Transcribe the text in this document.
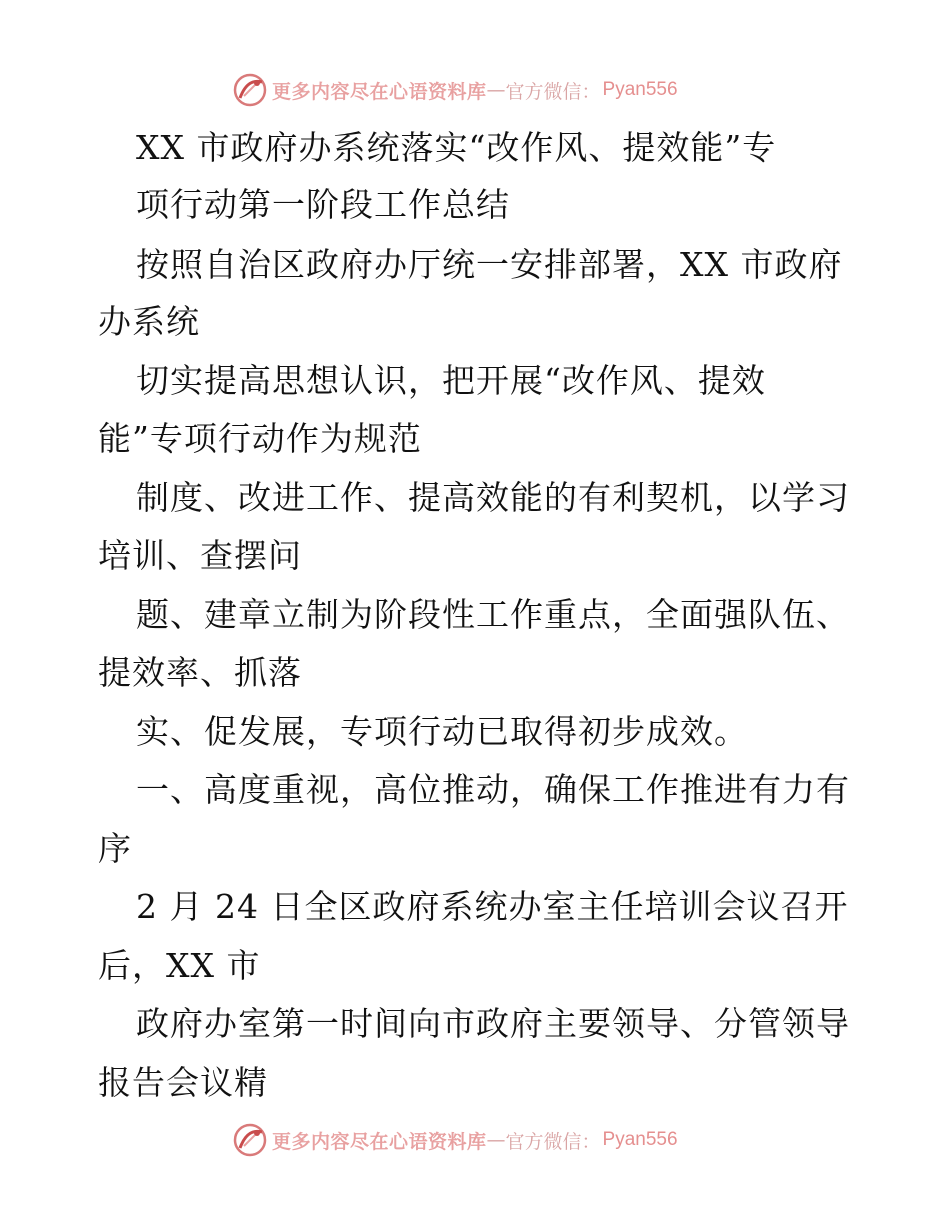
更多内容尽在心语资料库 — 官方微信： Pyan556
XX 市政府办系统落实“改作风、提效能”专
项行动第一阶段工作总结
按照自治区政府办厅统一安排部署，XX 市政府
办系统
切实提高思想认识，把开展“改作风、提效
能”专项行动作为规范
制度、改进工作、提高效能的有利契机，以学习
培训、查摆问
题、建章立制为阶段性工作重点，全面强队伍、
提效率、抓落
实、促发展，专项行动已取得初步成效。
一、高度重视，高位推动，确保工作推进有力有
序
2 月 24 日全区政府系统办室主任培训会议召开
后，XX 市
政府办室第一时间向市政府主要领导、分管领导
报告会议精
更多内容尽在心语资料库 — 官方微信： Pyan556
